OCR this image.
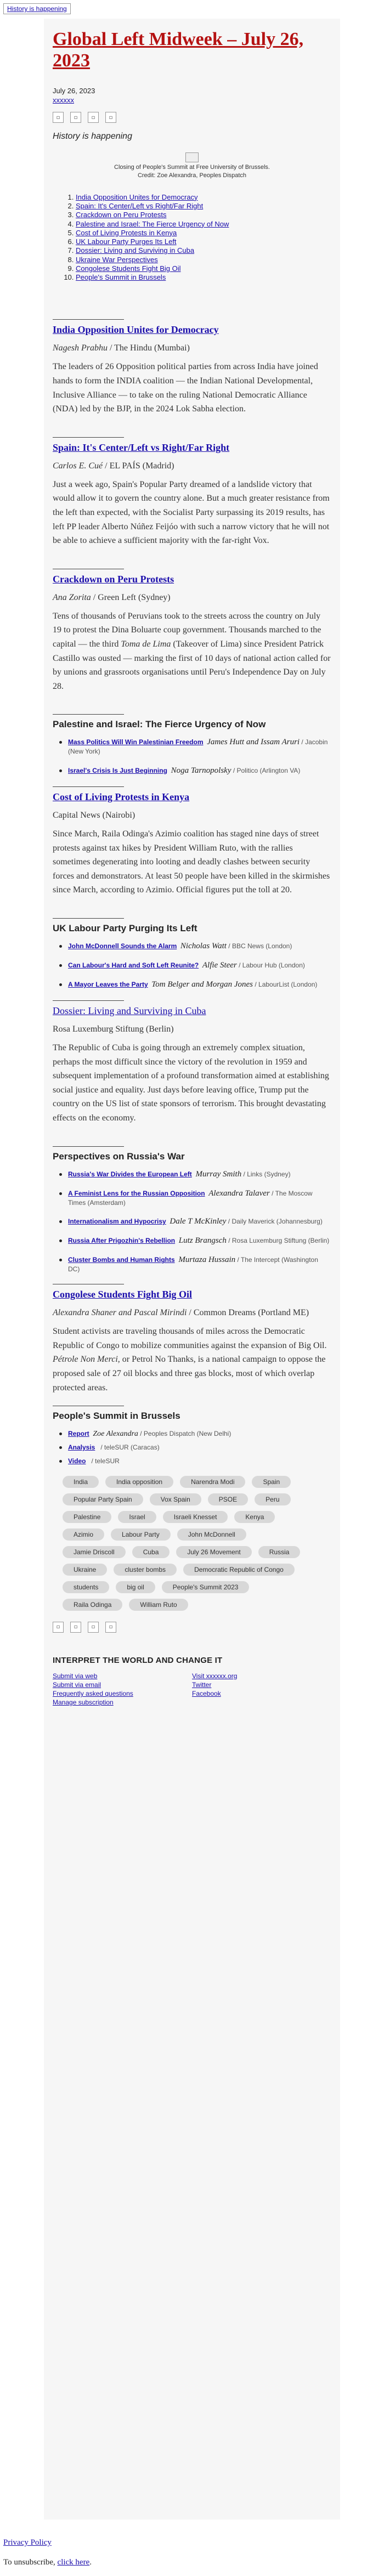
History is happening
Global Left Midweek – July 26, 2023
July 26, 2023
xxxxxx
▫	▫	▫	▫
History is happening
Closing of People's Summit at Free University of Brussels. Credit: Zoe Alexandra, Peoples Dispatch
1. India Opposition Unites for Democracy
2. Spain: It's Center/Left vs Right/Far Right
3. Crackdown on Peru Protests
4. Palestine and Israel: The Fierce Urgency of Now
5. Cost of Living Protests in Kenya
6. UK Labour Party Purges Its Left
7. Dossier: Living and Surviving in Cuba
8. Ukraine War Perspectives
9. Congolese Students Fight Big Oil
10. People's Summit in Brussels
India Opposition Unites for Democracy

Nagesh Prabhu / The Hindu (Mumbai)

The leaders of 26 Opposition political parties from across India have joined hands to form the INDIA coalition — the Indian National Developmental, Inclusive Alliance — to take on the ruling National Democratic Alliance (NDA) led by the BJP, in the 2024 Lok Sabha election.

Spain: It's Center/Left vs Right/Far Right

Carlos E. Cué / EL PAÍS (Madrid)

Just a week ago, Spain's Popular Party dreamed of a landslide victory that would allow it to govern the country alone. But a much greater resistance from the left than expected, with the Socialist Party surpassing its 2019 results, has left PP leader Alberto Núñez Feijóo with such a narrow victory that he will not be able to achieve a sufficient majority with the far-right Vox.

Crackdown on Peru Protests

Ana Zorita / Green Left (Sydney)

Tens of thousands of Peruvians took to the streets across the country on July 19 to protest the Dina Boluarte coup government. Thousands marched to the capital — the third Toma de Lima (Takeover of Lima) since President Patrick Castillo was ousted — marking the first of 10 days of national action called for by unions and grassroots organisations until Peru's Independence Day on July 28.

Palestine and Israel: The Fierce Urgency of Now
Mass Politics Will Win Palestinian Freedom James Hutt and Issam Aruri / Jacobin (New York)
Israel's Crisis Is Just Beginning Noga Tarnopolsky / Politico (Arlington VA)
Cost of Living Protests in Kenya

Capital News (Nairobi)

Since March, Raila Odinga's Azimio coalition has staged nine days of street protests against tax hikes by President William Ruto, with the rallies sometimes degenerating into looting and deadly clashes between security forces and demonstrators. At least 50 people have been killed in the skirmishes since March, according to Azimio. Official figures put the toll at 20.

UK Labour Party Purging Its Left
John McDonnell Sounds the Alarm Nicholas Watt / BBC News (London)
Can Labour's Hard and Soft Left Reunite? Alfie Steer / Labour Hub (London)
A Mayor Leaves the Party Tom Belger and Morgan Jones / LabourList (London)
Dossier: Living and Surviving in Cuba

Rosa Luxemburg Stiftung (Berlin)

The Republic of Cuba is going through an extremely complex situation, perhaps the most difficult since the victory of the revolution in 1959 and subsequent implementation of a profound transformation aimed at establishing social justice and equality. Just days before leaving office, Trump put the country on the US list of state sponsors of terrorism. This brought devastating effects on the economy.

Perspectives on Russia's War
Russia's War Divides the European Left Murray Smith / Links (Sydney)
A Feminist Lens for the Russian Opposition Alexandra Talaver / The Moscow Times (Amsterdam)
Internationalism and Hypocrisy Dale T McKinley / Daily Maverick (Johannesburg)
Russia After Prigozhin's Rebellion Lutz Brangsch / Rosa Luxemburg Stiftung (Berlin)
Cluster Bombs and Human Rights Murtaza Hussain / The Intercept (Washington DC)
Congolese Students Fight Big Oil

Alexandra Shaner and Pascal Mirindi / Common Dreams (Portland ME)

Student activists are traveling thousands of miles across the Democratic Republic of Congo to mobilize communities against the expansion of Big Oil. Pétrole Non Merci, or Petrol No Thanks, is a national campaign to oppose the proposed sale of 27 oil blocks and three gas blocks, most of which overlap protected areas.

People's Summit in Brussels
Report Zoe Alexandra / Peoples Dispatch (New Delhi)
Analysis   / teleSUR (Caracas)
Video   / teleSUR
India	India opposition	Narendra Modi	Spain
Popular Party Spain	Vox Spain	PSOE	Peru
Palestine	Israel	Israeli Knesset	Kenya
Azimio	Labour Party	John McDonnell
Jamie Driscoll	Cuba	July 26 Movement	Russia
Ukraine	cluster bombs	Democratic Republic of Congo
students	big oil	People's Summit 2023
Raila Odinga	William Ruto
▫	▫	▫	▫
INTERPRET THE WORLD AND CHANGE IT
Submit via web
Submit via email
Frequently asked questions
Manage subscription
Visit xxxxxx.org
Twitter
Facebook
Privacy Policy
To unsubscribe, click here.
